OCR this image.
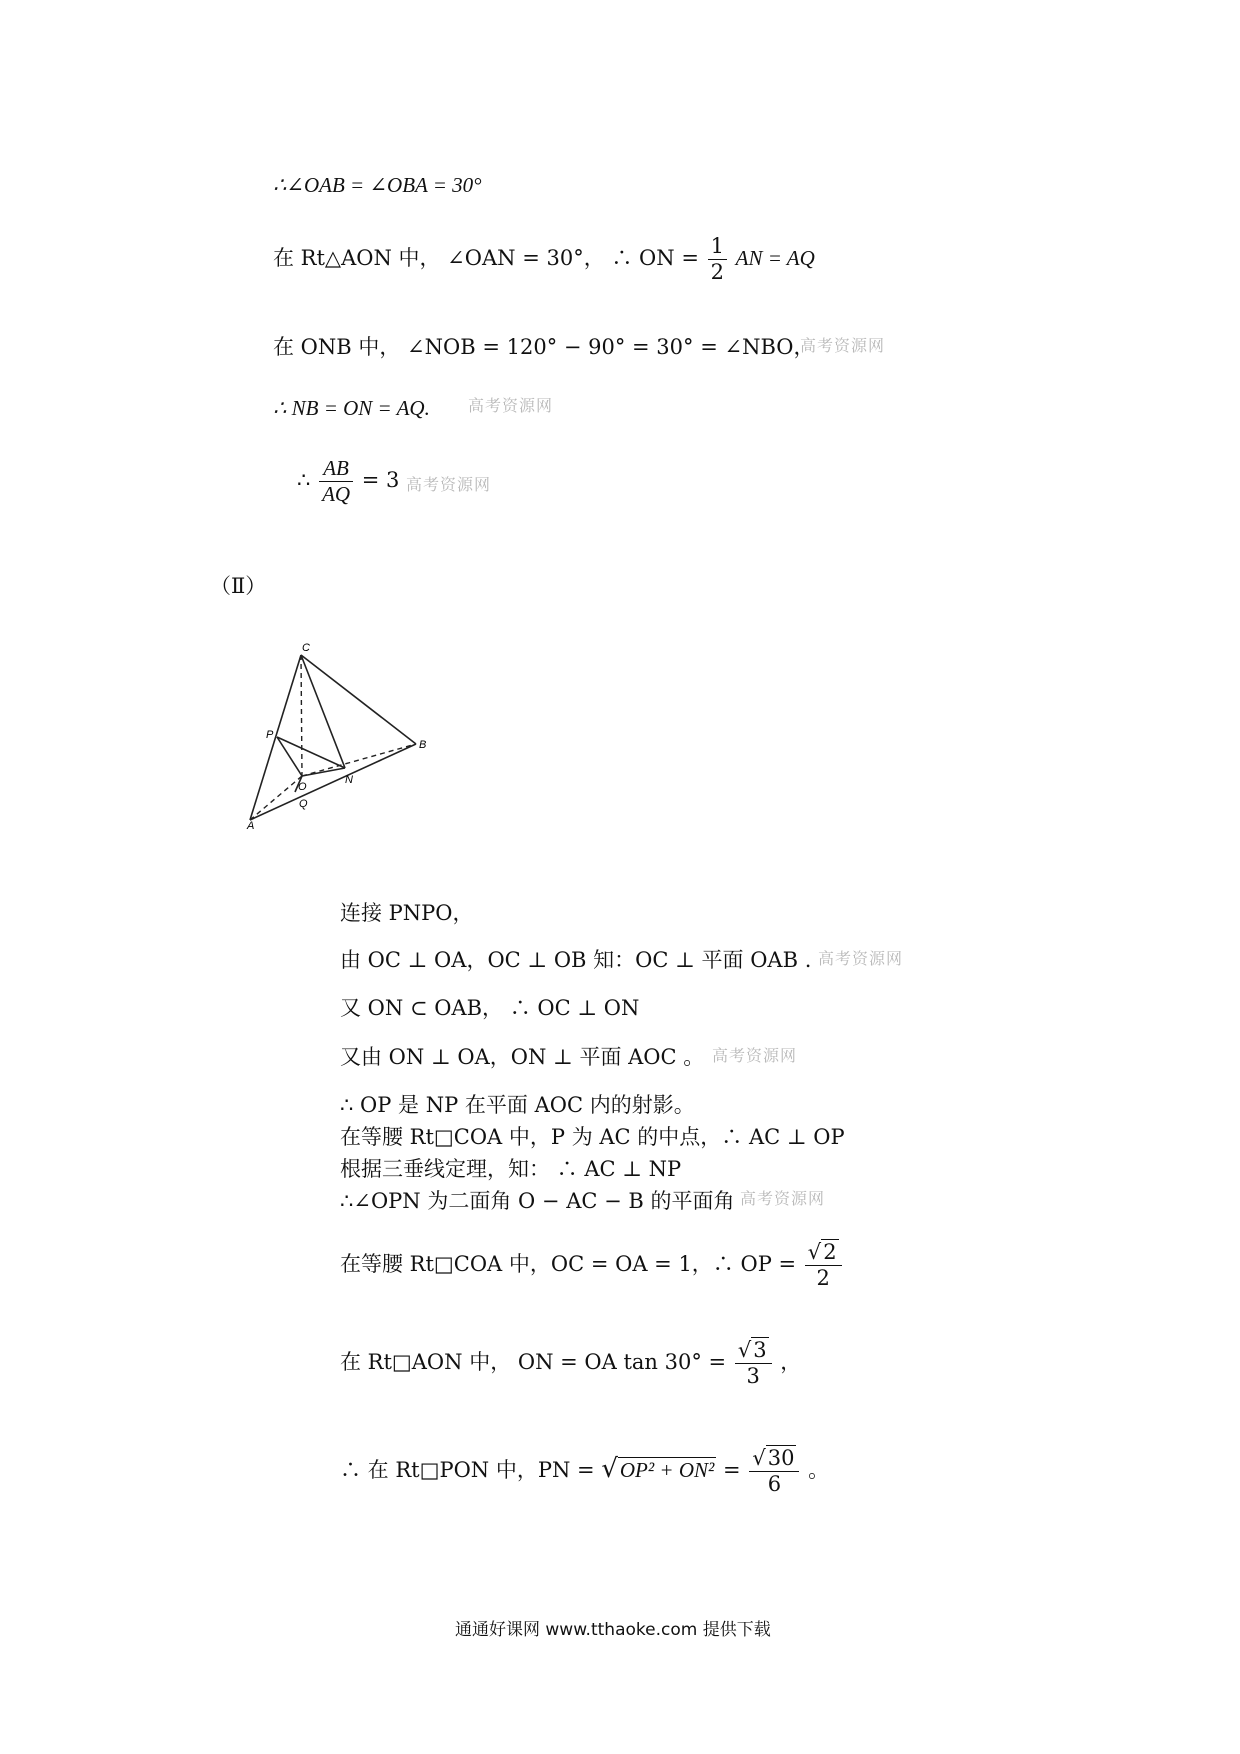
∴∠OAB = ∠OBA = 30°
在 Rt△AON 中， ∠OAN = 30°， ∴ ON = $\frac{1}{2}$ AN = AQ
在 ONB 中， ∠NOB = 120° − 90° = 30° = ∠NBO，
高考资源网
∴ NB = ON = AQ. 高考资源网
∴ $\frac{AB}{AQ} = 3$ 高考资源网
（Ⅱ）
C
B
P
O
N
Q
A
连接 PNPO，
由 OC ⊥ OA，OC ⊥ OB 知：OC ⊥ 平面 OAB . 高考资源网
又 ON ⊂ OAB， ∴ OC ⊥ ON
又由 ON ⊥ OA，ON ⊥ 平面 AOC 。 高考资源网
∴ OP 是 NP 在平面 AOC 内的射影。
在等腰 Rt□COA 中，P 为 AC 的中点，∴ AC ⊥ OP
根据三垂线定理，知： ∴ AC ⊥ NP
∴∠OPN 为二面角 O − AC − B 的平面角 高考资源网
在等腰 Rt□COA 中，OC = OA = 1，∴ OP = $\frac{√2}{2}$
在 Rt□AON 中， ON = OA $\tan 30^\circ = \frac{√3}{3}$ ，
∴ 在 Rt□PON 中，PN = $√OP^2 + ON^2 = \frac{√30}{6}$ 。
通通好课网 www.tthaoke.com 提供下载
